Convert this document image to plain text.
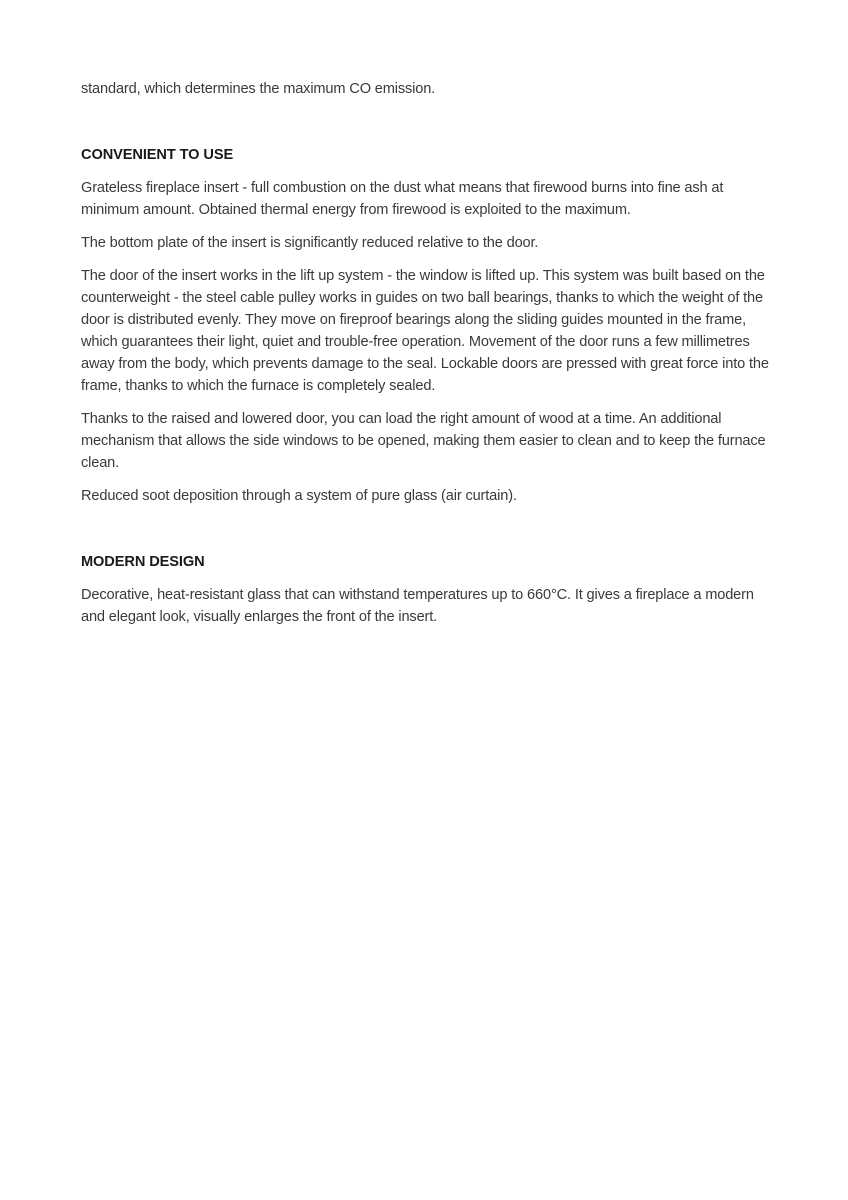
standard, which determines the maximum CO emission.

CONVENIENT TO USE

Grateless fireplace insert - full combustion on the dust what means that firewood burns into fine ash at minimum amount. Obtained thermal energy from firewood is exploited to the maximum.

The bottom plate of the insert is significantly reduced relative to the door.

The door of the insert works in the lift up system - the window is lifted up. This system was built based on the counterweight - the steel cable pulley works in guides on two ball bearings, thanks to which the weight of the door is distributed evenly. They move on fireproof bearings along the sliding guides mounted in the frame, which guarantees their light, quiet and trouble-free operation. Movement of the door runs a few millimetres away from the body, which prevents damage to the seal. Lockable doors are pressed with great force into the frame, thanks to which the furnace is completely sealed.

Thanks to the raised and lowered door, you can load the right amount of wood at a time. An additional mechanism that allows the side windows to be opened, making them easier to clean and to keep the furnace clean.

Reduced soot deposition through a system of pure glass (air curtain).

MODERN DESIGN

Decorative, heat-resistant glass that can withstand temperatures up to 660°C. It gives a fireplace a modern and elegant look, visually enlarges the front of the insert.
